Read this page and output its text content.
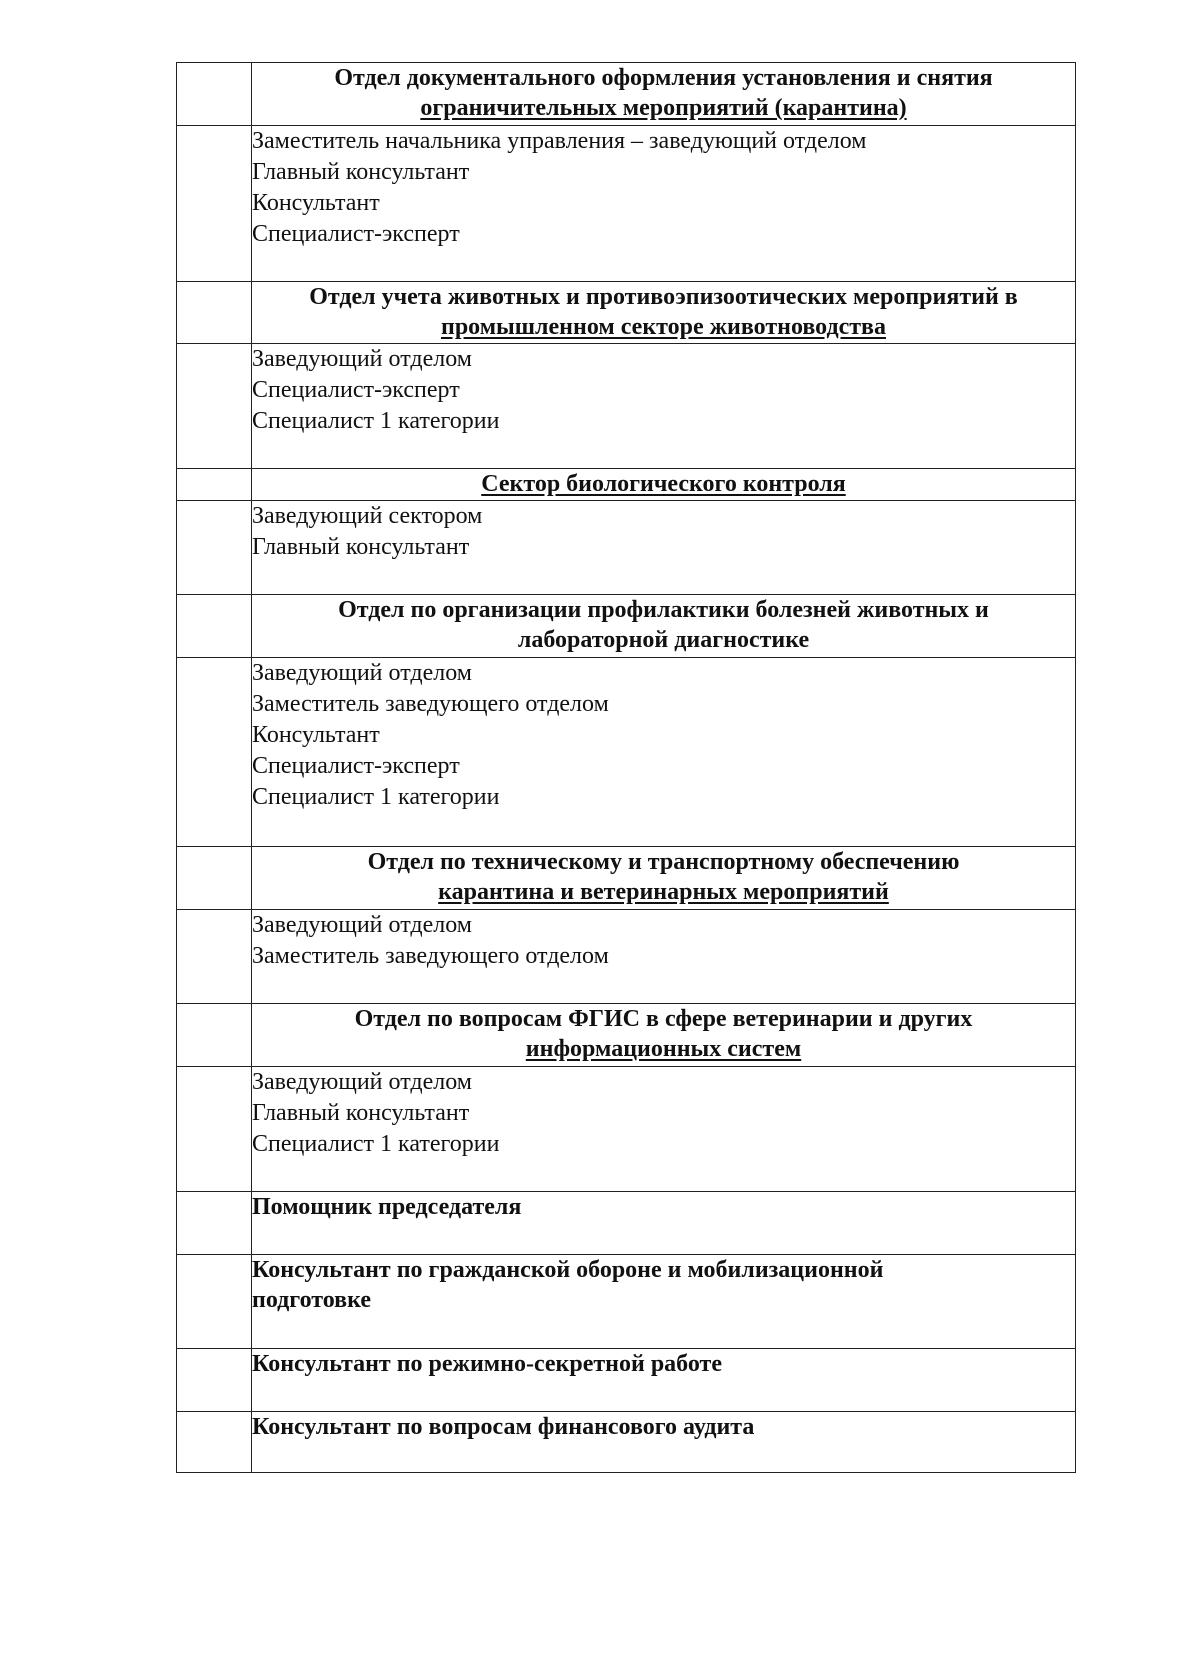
	Отдел документального оформления установления и снятия
ограничительных мероприятий (карантина)

	Заместитель начальника управления – заведующий отделом
Главный консультант
Консультант
Специалист-эксперт

	Отдел учета животных и противоэпизоотических мероприятий в
промышленном секторе животноводства

	Заведующий отделом
Специалист-эксперт
Специалист 1 категории

	Сектор биологического контроля

	Заведующий сектором
Главный консультант

	Отдел по организации профилактики болезней животных и
лабораторной диагностике

	Заведующий отделом
Заместитель заведующего отделом
Консультант
Специалист-эксперт
Специалист 1 категории

	Отдел по техническому и транспортному обеспечению
карантина и ветеринарных мероприятий

	Заведующий отделом
Заместитель заведующего отделом

	Отдел по вопросам ФГИС в сфере ветеринарии и других
информационных систем

	Заведующий отделом
Главный консультант
Специалист 1 категории

	Помощник председателя

	Консультант по гражданской обороне и мобилизационной
подготовке

	Консультант по режимно-секретной работе
	Консультант по вопросам финансового аудита
